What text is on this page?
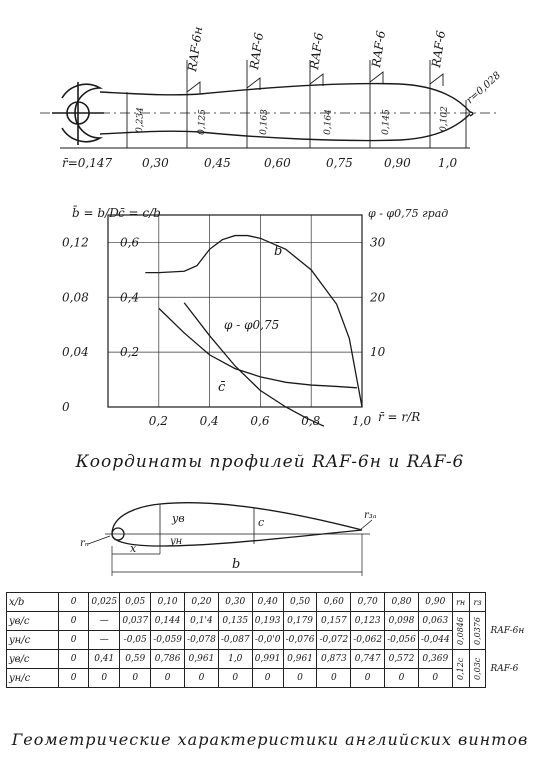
RAF-6н	RAF-6	RAF-6	RAF-6	RAF-6
0,234	0,125	0,163	0,164	0,145	0,102
r=0,028
r̄=0,147 0,30	0,45	0,60	0,75	0,90 1,0
0,2	0,4	0,6	0,8	1,0
0,12
0,08
0,04
0
0,6
0,4
0,2
30
20
10
b̄ = b/D c̄ = c/b	φ - φ0,75 град
r̄ = r/R
b̄
c̄
φ - φ0,75
Координаты профилей RAF-6н и RAF-6
yв
yн
c
r₃ₐ
rₙ	x
b
x/b	0	0,025	0,05	0,10	0,20	0,30	0,40	0,50	0,60	0,70	0,80	0,90	rн	rз	
yв/c	0	—	0,037	0,144	0,1'4	0,135	0,193	0,179	0,157	0,123	0,098	0,063	0,0846	0,0376	RAF-6н
yн/c	0	—	-0,05	-0,059	-0,078	-0,087	-0,0'0	-0,076	-0,072	-0,062	-0,056	-0,044			
yв/c	0	0,41	0,59	0,786	0,961	1,0	0,991	0,961	0,873	0,747	0,572	0,369	0,12c	0,03c	RAF-6
yн/c	0	0	0	0	0	0	0	0	0	0	0	0			
Геометрические характеристики английских винтов
